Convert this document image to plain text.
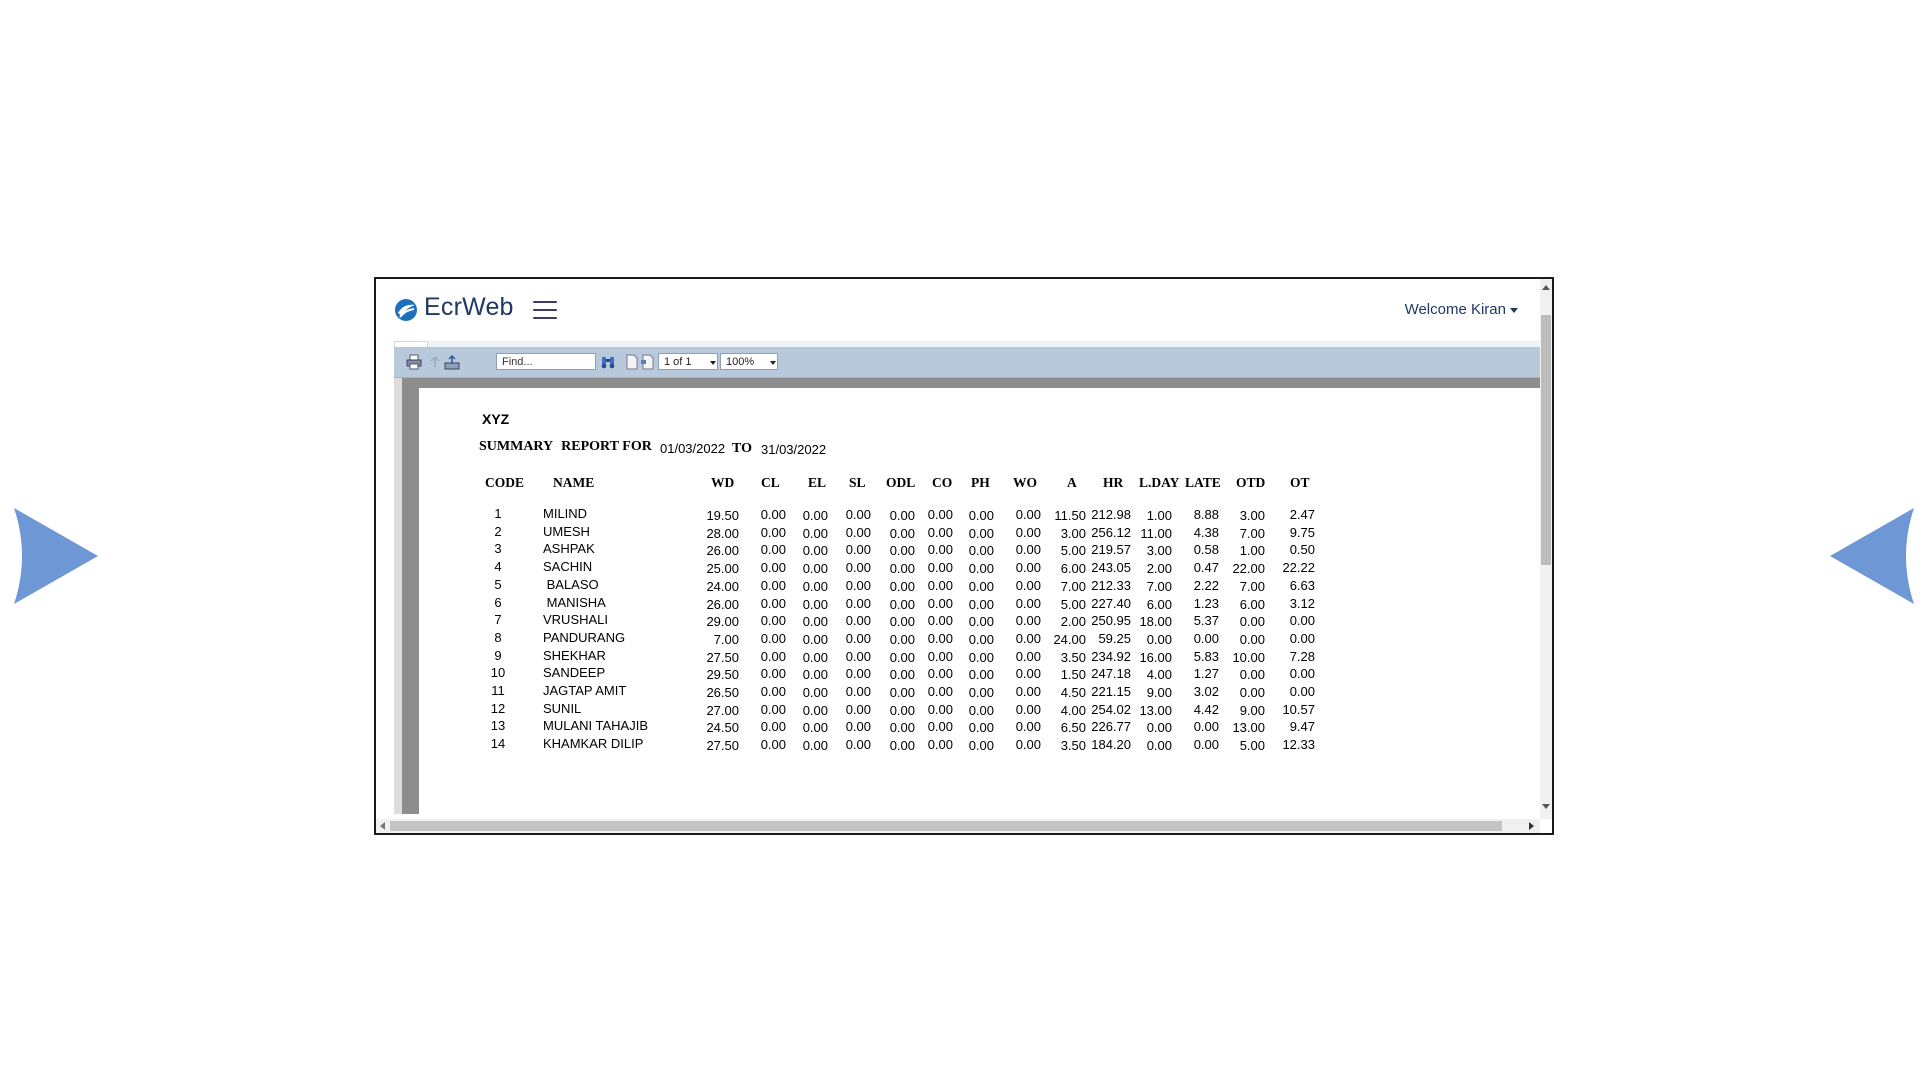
EcrWeb	Welcome Kiran
Find...	1 of 1	100%
XYZ
SUMMARY REPORT FOR 01/03/2022 TO 31/03/2022
CODE NAME	WD CL EL SL ODL CO PH WO A HR L.DAY LATE OTD OT
1	MILIND	19.50	0.00	0.00	0.00	0.00 0.00	0.00	0.00	11.50 212.98	1.00	8.88	3.00	2.47
2	UMESH	28.00	0.00	0.00	0.00	0.00 0.00	0.00	0.00	3.00 256.12 11.00	4.38	7.00	9.75
3	ASHPAK	26.00	0.00	0.00	0.00	0.00 0.00	0.00	0.00	5.00 219.57	3.00	0.58	1.00	0.50
4	SACHIN	25.00	0.00	0.00	0.00	0.00 0.00	0.00	0.00	6.00 243.05	2.00	0.47	22.00	22.22
5	BALASO	24.00	0.00	0.00	0.00	0.00 0.00	0.00	0.00	7.00 212.33	7.00	2.22	7.00	6.63
6	MANISHA	26.00	0.00	0.00	0.00	0.00 0.00	0.00	0.00	5.00 227.40	6.00	1.23	6.00	3.12
7	VRUSHALI	29.00	0.00	0.00	0.00	0.00 0.00	0.00	0.00	2.00 250.95 18.00	5.37	0.00	0.00
8	PANDURANG	7.00	0.00	0.00	0.00	0.00 0.00	0.00	0.00 24.00 59.25	0.00	0.00	0.00	0.00
9	SHEKHAR	27.50	0.00	0.00	0.00	0.00 0.00	0.00	0.00	3.50 234.92 16.00	5.83	10.00	7.28
10	SANDEEP	29.50	0.00	0.00	0.00	0.00 0.00	0.00	0.00	1.50 247.18	4.00	1.27	0.00	0.00
11	JAGTAP AMIT	26.50	0.00	0.00	0.00	0.00 0.00	0.00	0.00	4.50 221.15	9.00	3.02	0.00	0.00
12	SUNIL	27.00	0.00	0.00	0.00	0.00 0.00	0.00	0.00	4.00 254.02 13.00	4.42	9.00	10.57
13	MULANI TAHAJIB	24.50	0.00	0.00	0.00	0.00 0.00	0.00	0.00	6.50 226.77	0.00	0.00	13.00	9.47
14	KHAMKAR DILIP	27.50	0.00	0.00	0.00	0.00 0.00	0.00	0.00	3.50 184.20	0.00	0.00	5.00	12.33
